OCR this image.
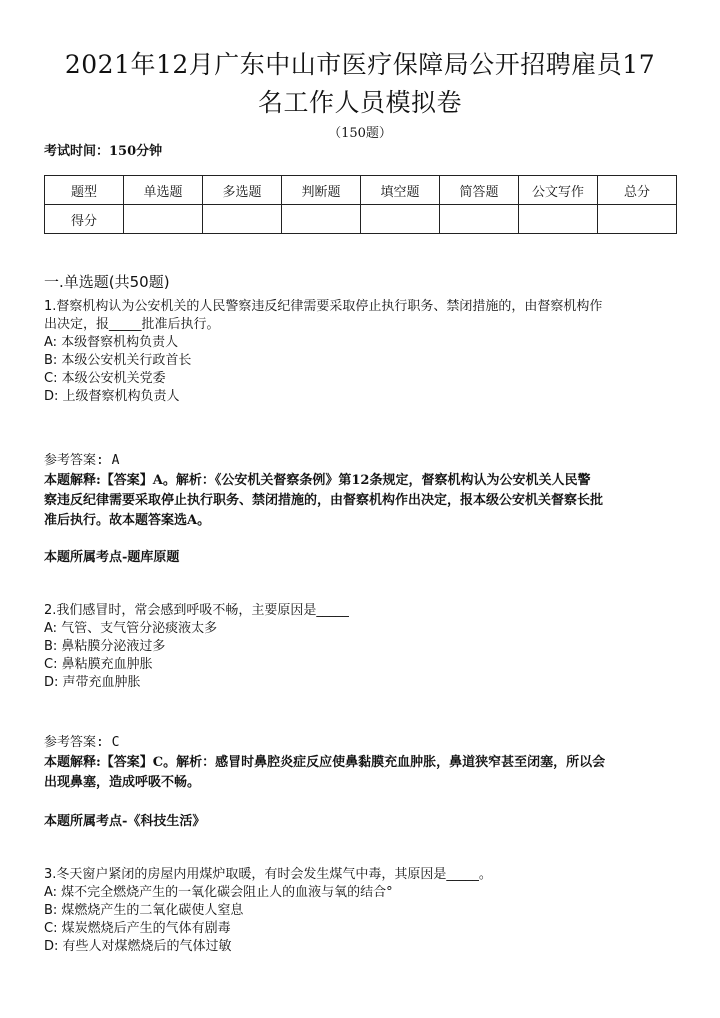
2021年12月广东中山市医疗保障局公开招聘雇员17
名工作人员模拟卷
（150题）
考试时间：150分钟
题型	单选题	多选题	判断题	填空题	简答题	公文写作	总分
得分							
一.单选题(共50题)

1.督察机构认为公安机关的人民警察违反纪律需要采取停止执行职务、禁闭措施的，由督察机构作

出决定，报_____批准后执行。

A: 本级督察机构负责人

B: 本级公安机关行政首长

C: 本级公安机关党委

D: 上级督察机构负责人

参考答案: A

本题解释:【答案】A。解析：《公安机关督察条例》第12条规定，督察机构认为公安机关人民警

察违反纪律需要采取停止执行职务、禁闭措施的，由督察机构作出决定，报本级公安机关督察长批

准后执行。故本题答案选A。

本题所属考点-题库原题

2.我们感冒时，常会感到呼吸不畅，主要原因是_____

A: 气管、支气管分泌痰液太多

B: 鼻粘膜分泌液过多

C: 鼻粘膜充血肿胀

D: 声带充血肿胀

参考答案: C

本题解释:【答案】C。解析：感冒时鼻腔炎症反应使鼻黏膜充血肿胀，鼻道狭窄甚至闭塞，所以会

出现鼻塞，造成呼吸不畅。

本题所属考点-《科技生活》

3.冬天窗户紧闭的房屋内用煤炉取暖，有时会发生煤气中毒，其原因是_____。

A: 煤不完全燃烧产生的一氧化碳会阻止人的血液与氧的结合°

B: 煤燃烧产生的二氧化碳使人窒息

C: 煤炭燃烧后产生的气体有剧毒

D: 有些人对煤燃烧后的气体过敏
